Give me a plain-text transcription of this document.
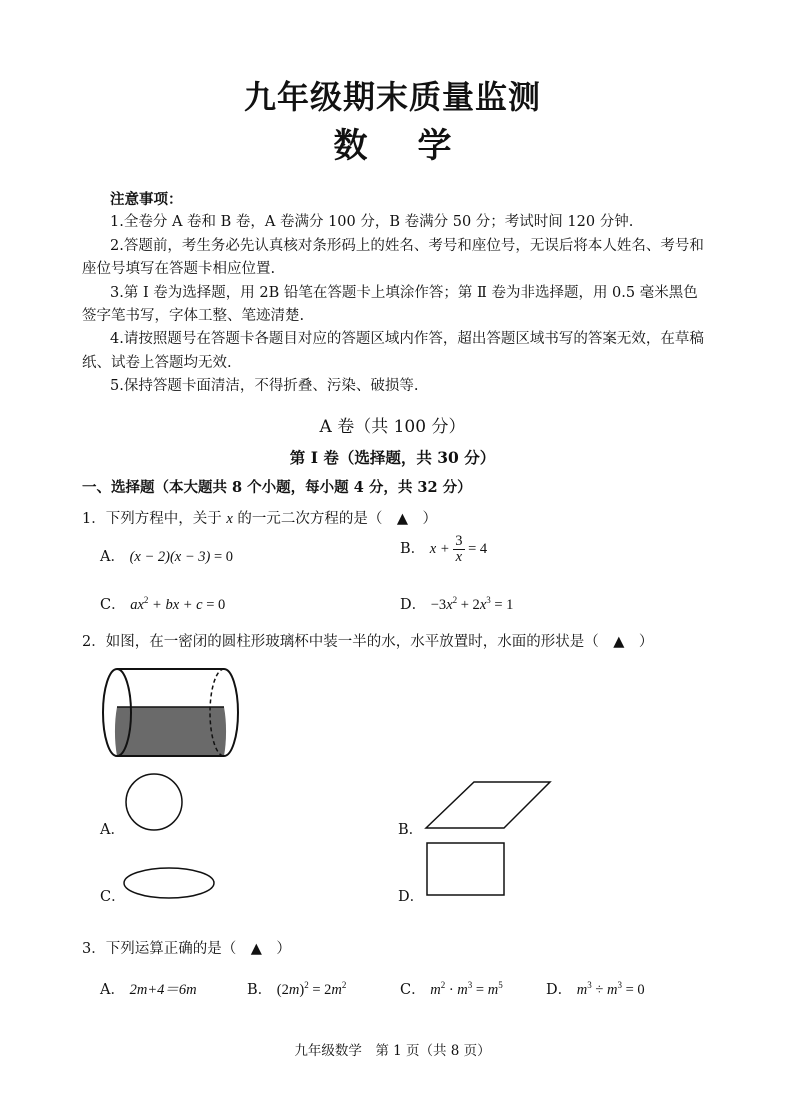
九年级期末质量监测
数学

注意事项：

1.全卷分 A 卷和 B 卷，A 卷满分 100 分，B 卷满分 50 分；考试时间 120 分钟.

2.答题前，考生务必先认真核对条形码上的姓名、考号和座位号，无误后将本人姓名、考号和座位号填写在答题卡相应位置.

3.第 Ⅰ 卷为选择题，用 2B 铅笔在答题卡上填涂作答；第 Ⅱ 卷为非选择题，用 0.5 毫米黑色签字笔书写，字体工整、笔迹清楚.

4.请按照题号在答题卡各题目对应的答题区域内作答，超出答题区域书写的答案无效，在草稿纸、试卷上答题均无效.

5.保持答题卡面清洁，不得折叠、污染、破损等.

A 卷（共 100 分）
第 Ⅰ 卷（选择题，共 30 分）
一、选择题（本大题共 8 个小题，每小题 4 分，共 32 分）
1．下列方程中，关于 x 的一元二次方程的是（　▲　）
A． (x − 2)(x − 3) = 0
B． $x + \frac{3}{x} = 4$
C． $ax^2$ + bx + c = 0	D． $-3x^2 + 2x^3 = 1$
2．如图，在一密闭的圆柱形玻璃杯中装一半的水，水平放置时，水面的形状是（　▲　）
A．	B．
C．	D．
3．下列运算正确的是（　▲　）
A． 2m+4＝6m	B． $(2m)^2 = 2m^2$	C． $m^2 \cdot m^3 = m^5$	D． $m^3 \div m^3 = 0$
九年级数学　第 1 页（共 8 页）
